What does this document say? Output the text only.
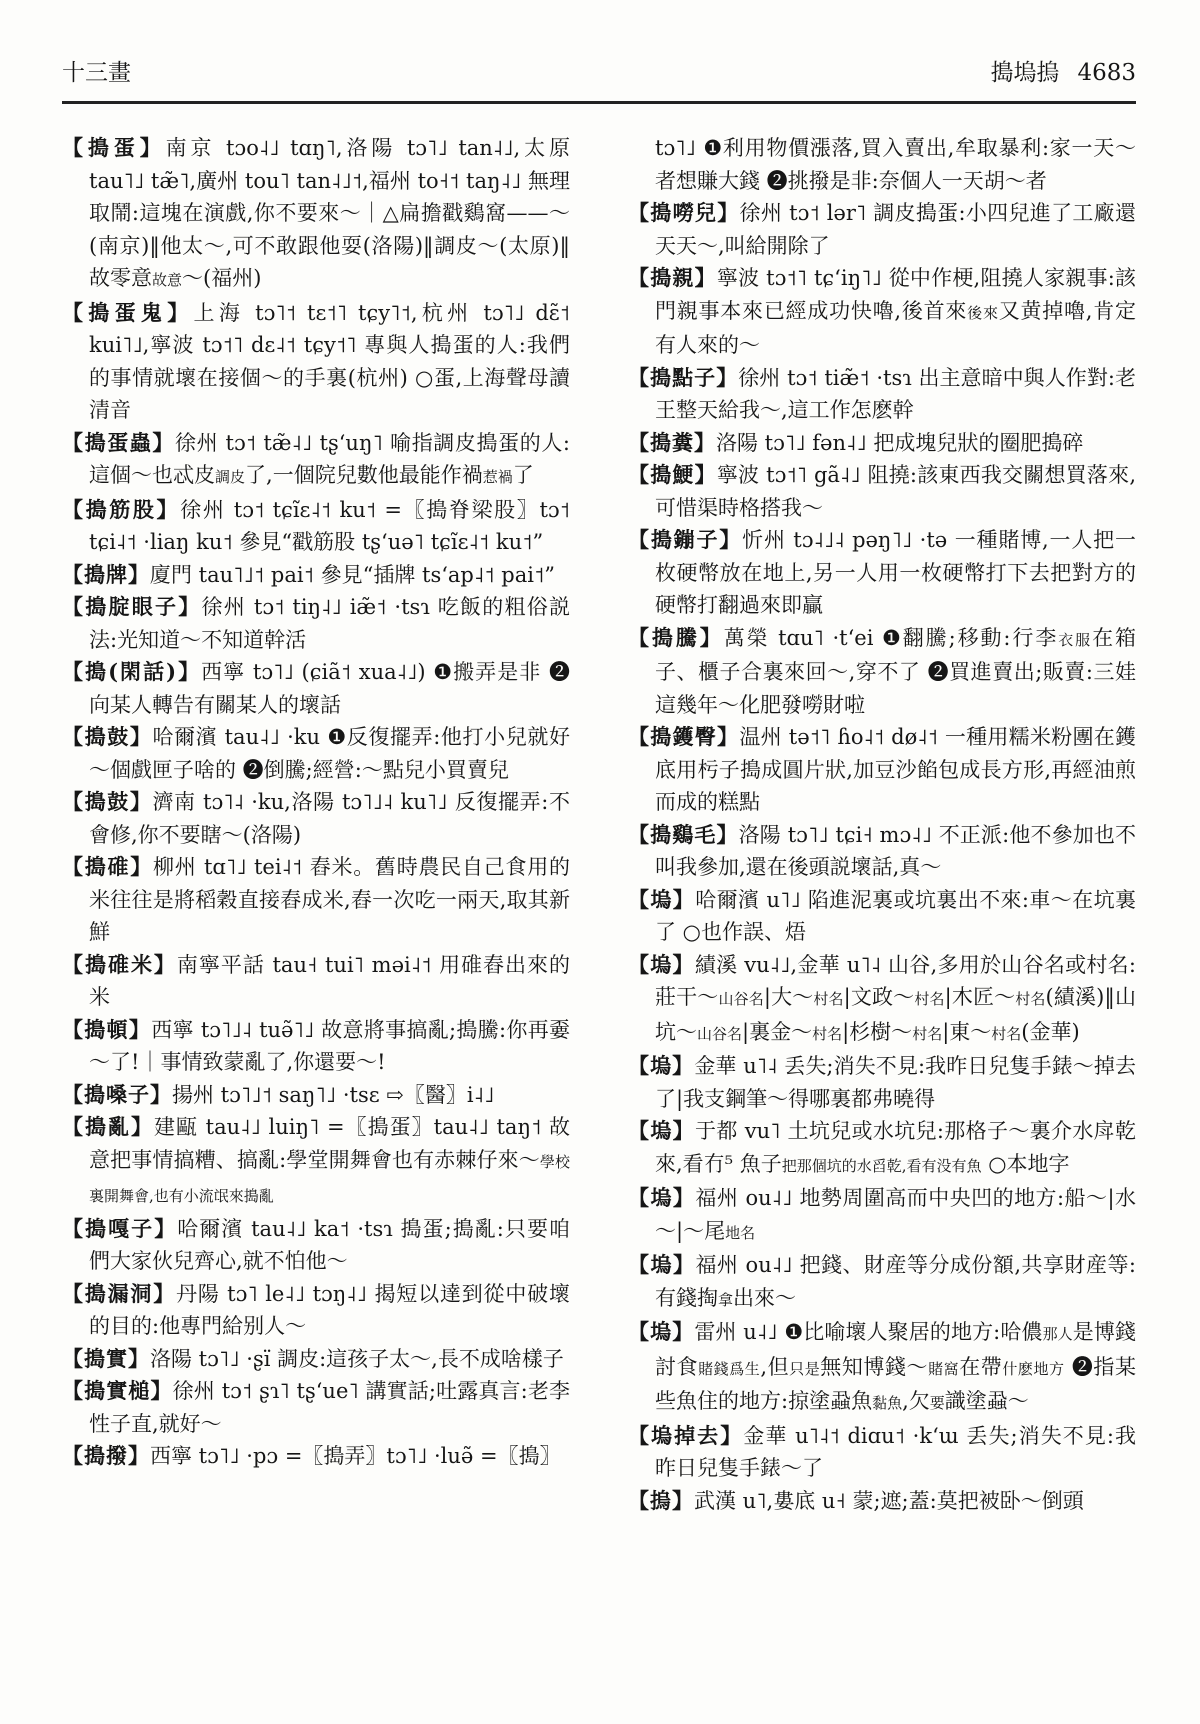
十三畫	搗塢摀 4683
【搗蛋】南京 tɔo˨˩ tɑŋ˥,洛陽 tɔ˥˩ tan˨˩,太原 tau˥˩ tæ̃˥,廣州 tou˥ tan˨˩˦,福州 to˧˦ taŋ˨˩ 無理取鬧:這塊在演戲,你不要來～｜△扁擔戳鷄窩——～(南京)‖他太～,可不敢跟他耍(洛陽)‖調皮～(太原)‖故零意故意～(福州)
【搗蛋鬼】上海 tɔ˥˦ tɛ˦˥ tɕy˥˦,杭州 tɔ˥˩ dɛ̃˦ kui˥˩,寧波 tɔ˦˥ dɛ˨˦ tɕy˦˥ 專與人搗蛋的人:我們的事情就壞在接個～的手裏(杭州) ○蛋,上海聲母讀清音
【搗蛋蟲】徐州 tɔ˦ tæ̃˨˩ tʂʻuŋ˥ 喻指調皮搗蛋的人:這個～也忒皮調皮了,一個院兒數他最能作禍惹禍了
【搗筋股】徐州 tɔ˦ tɕĩɛ˨˦ ku˦ =〖搗脊梁股〗tɔ˦ tɕi˨˦ ·liaŋ ku˦ 參見“戳筋股 tʂʻuə˥ tɕĩɛ˨˦ ku˦”
【搗牌】廈門 tau˥˩˦ pai˦ 參見“插牌 tsʻap˨˦ pai˦”
【搗腚眼子】徐州 tɔ˦ tiŋ˨˩ iæ̃˦ ·tsɿ 吃飯的粗俗説法:光知道～不知道幹活
【搗(閑話)】西寧 tɔ˥˩ (ɕiã˦ xua˨˩) ❶搬弄是非 ❷向某人轉告有關某人的壞話
【搗鼓】哈爾濱 tau˨˩ ·ku ❶反復擺弄:他打小兒就好～個戲匣子啥的 ❷倒騰;經營:～點兒小買賣兒
【搗鼓】濟南 tɔ˥˨ ·ku,洛陽 tɔ˥˩˨ ku˥˩ 反復擺弄:不會修,你不要瞎～(洛陽)
【搗碓】柳州 tɑ˥˩ tei˨˦ 舂米。舊時農民自己食用的米往往是將稻穀直接舂成米,舂一次吃一兩天,取其新鮮
【搗碓米】南寧平話 tau˧ tui˥ məi˨˦ 用碓舂出來的米
【搗頓】西寧 tɔ˥˩˨ tuə̃˥˩ 故意將事搞亂;搗騰:你再嫑～了!｜事情致蒙亂了,你還要～!
【搗嗓子】揚州 tɔ˥˩˦ saŋ˥˩ ·tsɛ ⇨〖醫〗i˨˩
【搗亂】建甌 tau˨˩ luiŋ˥ =〖搗蛋〗tau˨˩ taŋ˦ 故意把事情搞糟、搞亂:學堂開舞會也有赤棘仔來～學校裏開舞會,也有小流氓來搗亂
【搗嘎子】哈爾濱 tau˨˩ ka˦ ·tsɿ 搗蛋;搗亂:只要咱們大家伙兒齊心,就不怕他～
【搗漏洞】丹陽 tɔ˥ le˨˩ tɔŋ˨˩ 揭短以達到從中破壞的目的:他專門給别人～
【搗實】洛陽 tɔ˥˩ ·ʂï 調皮:這孩子太～,長不成啥樣子
【搗實槌】徐州 tɔ˦ ʂɿ˥ tʂʻue˥ 講實話;吐露真言:老李性子直,就好～
【搗撥】西寧 tɔ˥˩ ·pɔ =〖搗弄〗tɔ˥˩ ·luə̃ =〖搗〗
tɔ˥˩ ❶利用物價漲落,買入賣出,牟取暴利:家一天～者想賺大錢 ❷挑撥是非:奈個人一天胡～者
【搗嘮兒】徐州 tɔ˦ lər˥ 調皮搗蛋:小四兒進了工廠還天天～,叫給開除了
【搗親】寧波 tɔ˦˥ tɕʻiŋ˥˩ 從中作梗,阻撓人家親事:該門親事本來已經成功快嚕,後首來後來又黄掉嚕,肯定有人來的～
【搗點子】徐州 tɔ˦ tiæ̃˦ ·tsɿ 出主意暗中與人作對:老王整天給我～,這工作怎麽幹
【搗糞】洛陽 tɔ˥˩ fən˨˩ 把成塊兒狀的圈肥搗碎
【搗鯁】寧波 tɔ˦˥ gã˨˩ 阻撓:該東西我交關想買落來,可惜渠時格搭我～
【搗鏰子】忻州 tɔ˨˩˨ pəŋ˥˩ ·tə 一種賭博,一人把一枚硬幣放在地上,另一人用一枚硬幣打下去把對方的硬幣打翻過來即贏
【搗騰】萬榮 tɑu˥ ·tʻei ❶翻騰;移動:行李衣服在箱子、櫃子合裏來回～,穿不了 ❷買進賣出;販賣:三娃這幾年～化肥發嘮財啦
【搗鑊臀】温州 tə˦˥ ɦo˨˦ dø˨˦ 一種用糯米粉團在鑊底用杇子搗成圓片狀,加豆沙餡包成長方形,再經油煎而成的糕點
【搗鷄毛】洛陽 tɔ˥˩ tɕi˧ mɔ˨˩ 不正派:他不參加也不叫我參加,還在後頭説壞話,真～
【塢】哈爾濱 u˥˩ 陷進泥裏或坑裏出不來:車～在坑裏了 ○也作誤、焐
【塢】績溪 vu˨˩,金華 u˥˨ 山谷,多用於山谷名或村名:莊干～山谷名|大～村名|文政～村名|木匠～村名(績溪)‖山坑～山谷名|裏金～村名|杉樹～村名|東～村名(金華)
【塢】金華 u˥˨ 丢失;消失不見:我昨日兒隻手錶～掉去了|我支鋼筆～得哪裏都弗曉得
【塢】于都 vu˥ 土坑兒或水坑兒:那格子～裏介水戽乾來,看冇⁵ 魚子把那個坑的水舀乾,看有没有魚 ○本地字
【塢】福州 ou˨˩ 地勢周圍高而中央凹的地方:船～|水～|～尾地名
【塢】福州 ou˨˩ 把錢、財産等分成份額,共享財産等:有錢掏拿出來～
【塢】雷州 u˨˩ ❶比喻壞人聚居的地方:哈儂那人是博錢討食賭錢爲生,但只是無知博錢～賭窩在帶什麽地方 ❷指某些魚住的地方:掠塗蝨魚黏魚,欠要識塗蝨～
【塢掉去】金華 u˥˨˦ diɑu˦ ·kʻɯ 丢失;消失不見:我昨日兒隻手錶～了
【摀】武漢 u˥,婁底 u˧ 蒙;遮;蓋:莫把被卧～倒頭
